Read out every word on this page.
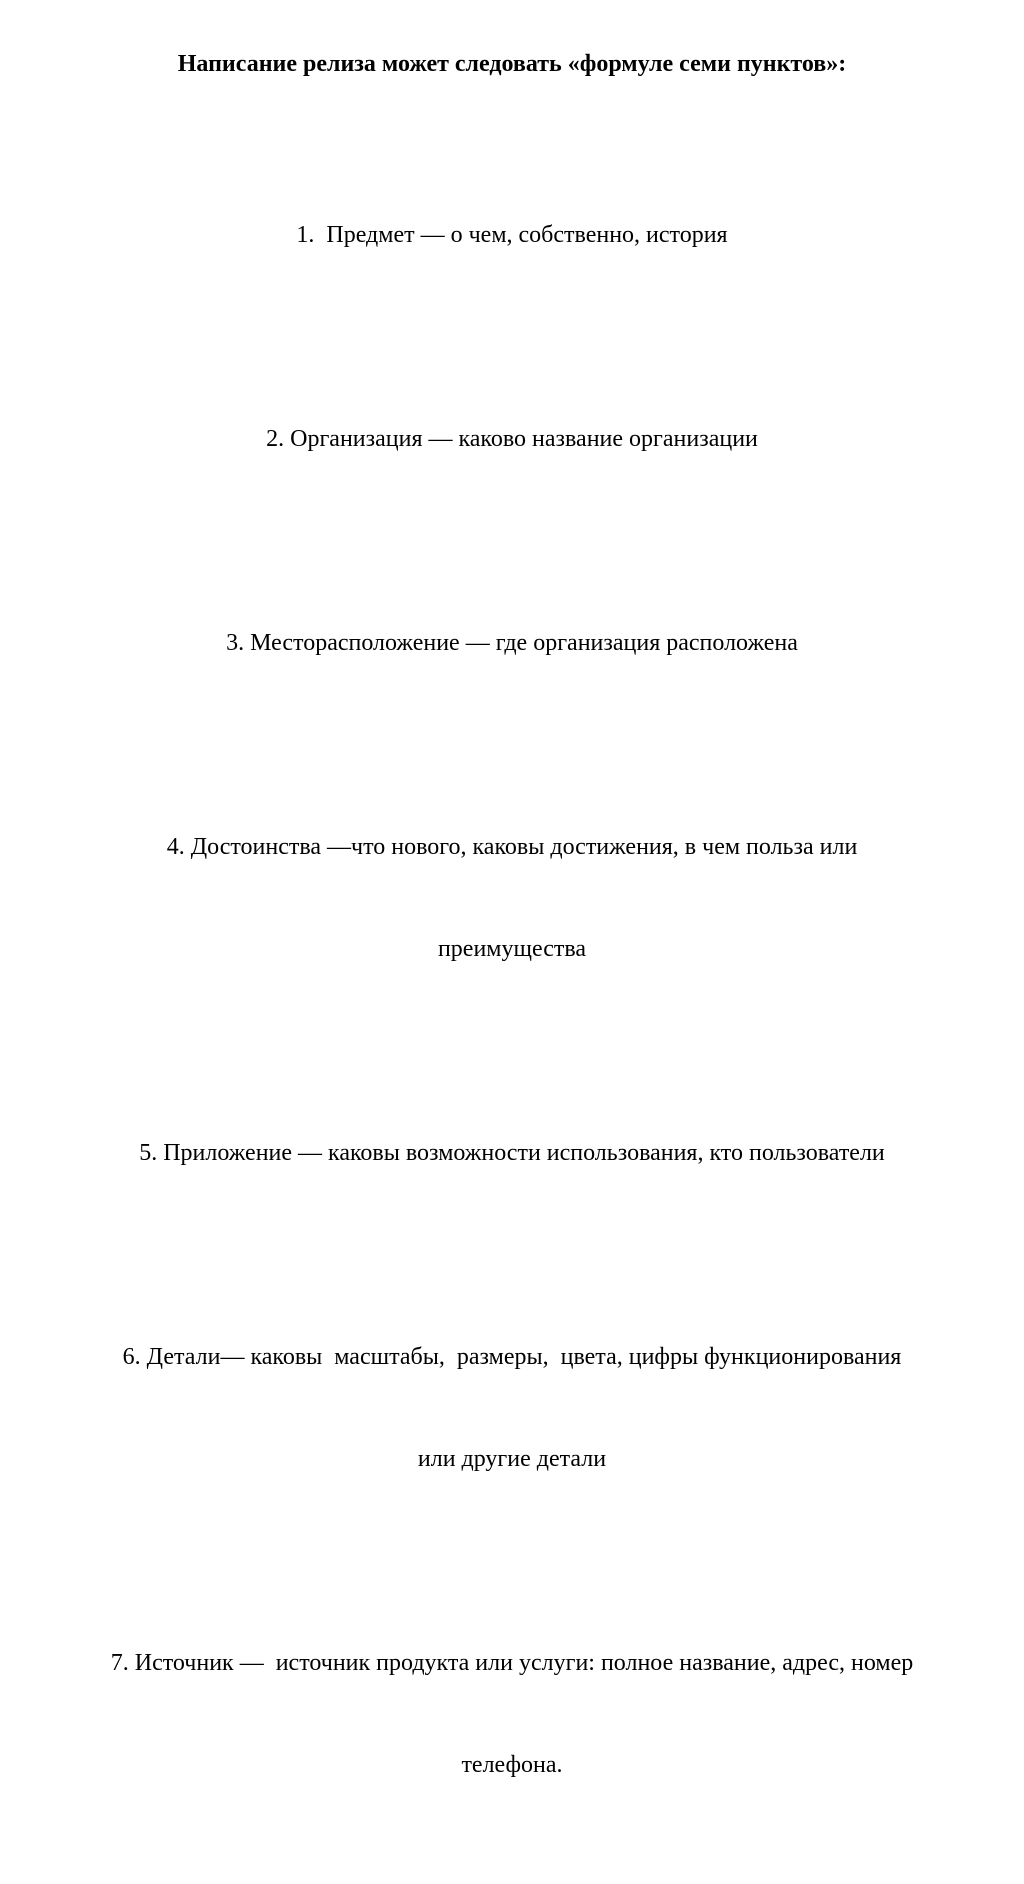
Написание релиза может следовать «формуле семи пунктов»:

1.  Предмет — о чем, собственно, история

2. Организация — каково название организации

3. Месторасположение — где организация расположена

4. Достоинства —что нового, каковы достижения, в чем польза или

преимущества

5. Приложение — каковы возможности использования, кто пользователи

6. Детали— каковы  масштабы,  размеры,  цвета, цифры функционирования

или другие детали

7. Источник —  источник продукта или услуги: полное название, адрес, номер

телефона.
